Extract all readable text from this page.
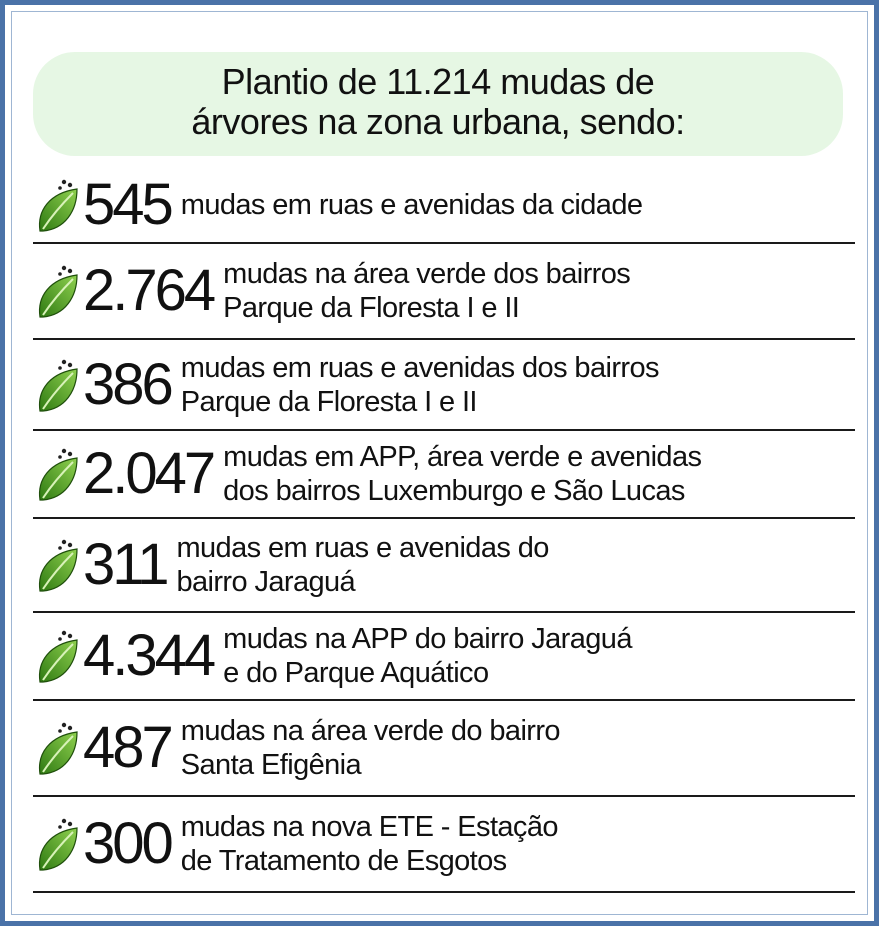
Plantio de 11.214 mudas de
árvores na zona urbana, sendo:
545 mudas em ruas e avenidas da cidade
2.764 mudas na área verde dos bairros
Parque da Floresta I e II
386 mudas em ruas e avenidas dos bairros
Parque da Floresta I e II
2.047 mudas em APP, área verde e avenidas
dos bairros Luxemburgo e São Lucas
311 mudas em ruas e avenidas do
bairro Jaraguá
4.344 mudas na APP do bairro Jaraguá
e do Parque Aquático
487 mudas na área verde do bairro
Santa Efigênia
300 mudas na nova ETE - Estação
de Tratamento de Esgotos
